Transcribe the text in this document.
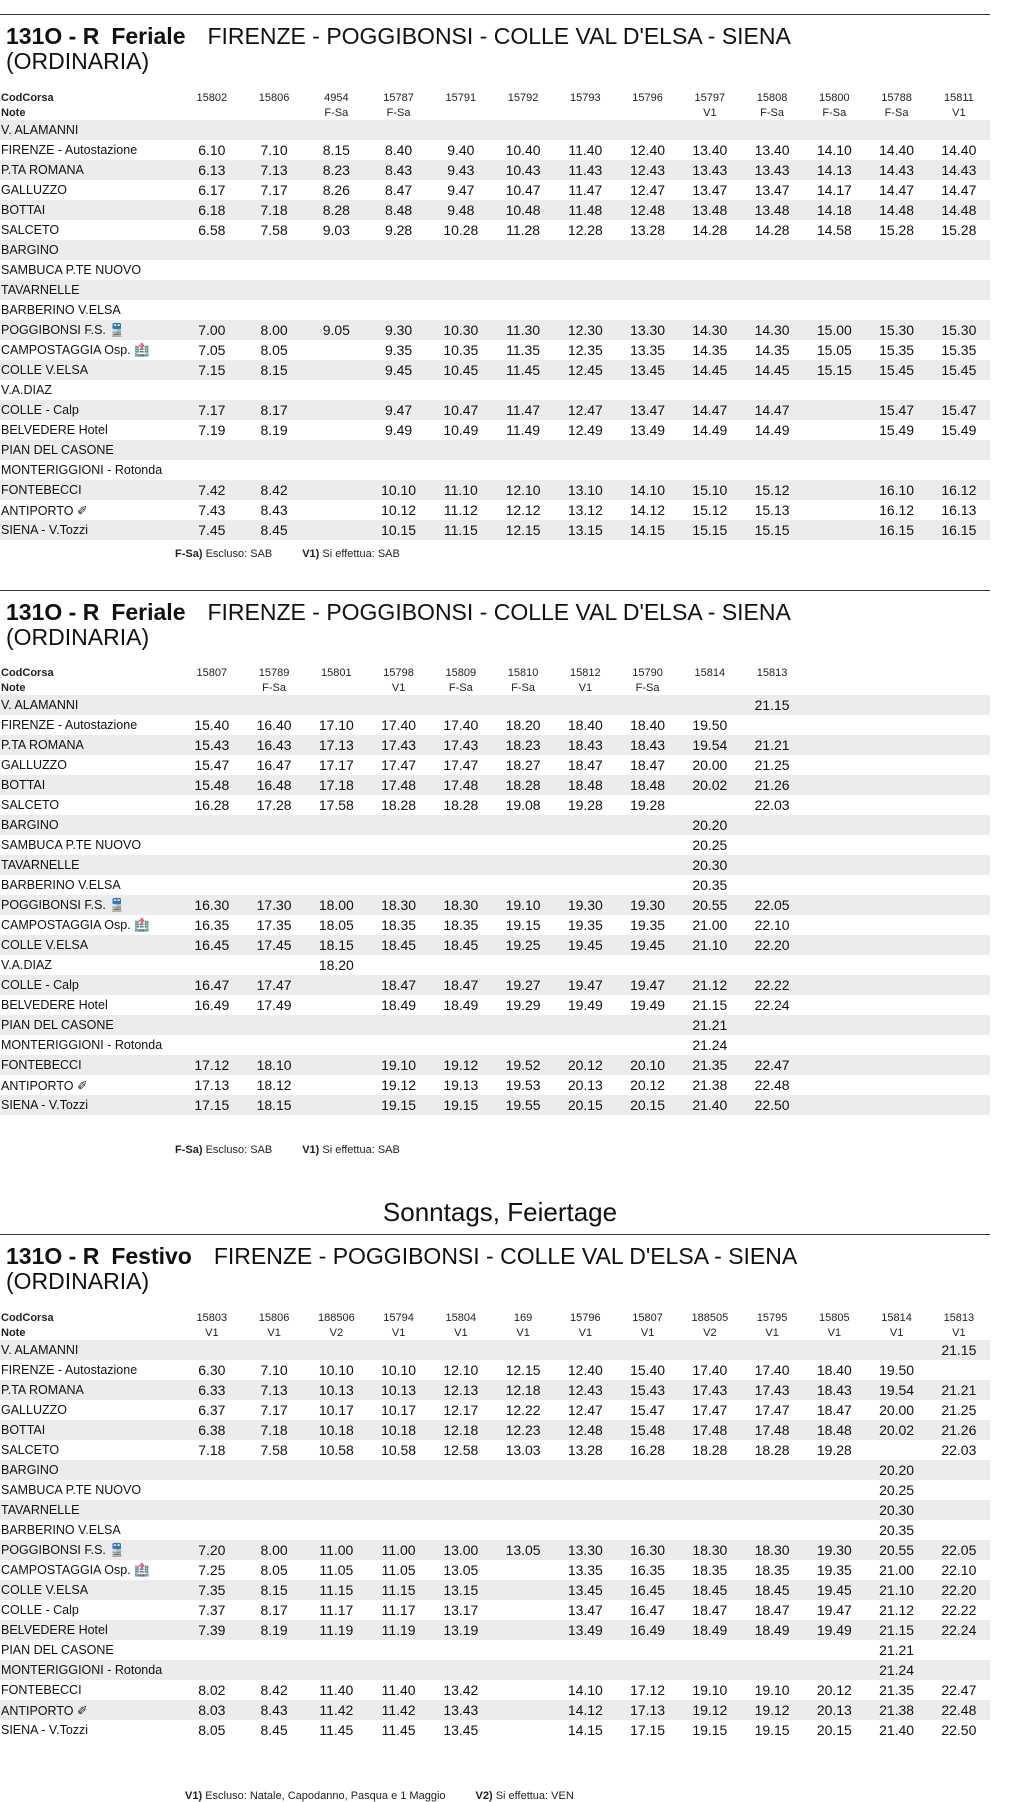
131O - R Feriale FIRENZE - POGGIBONSI - COLLE VAL D'ELSA - SIENA
(ORDINARIA)
CodCorsa	15802	15806	4954	15787	15791	15792	15793	15796	15797	15808	15800	15788	15811
Note			F-Sa	F-Sa					V1	F-Sa	F-Sa	F-Sa	V1
V. ALAMANNI													
FIRENZE - Autostazione	6.10	7.10	8.15	8.40	9.40	10.40	11.40	12.40	13.40	13.40	14.10	14.40	14.40
P.TA ROMANA	6.13	7.13	8.23	8.43	9.43	10.43	11.43	12.43	13.43	13.43	14.13	14.43	14.43
GALLUZZO	6.17	7.17	8.26	8.47	9.47	10.47	11.47	12.47	13.47	13.47	14.17	14.47	14.47
BOTTAI	6.18	7.18	8.28	8.48	9.48	10.48	11.48	12.48	13.48	13.48	14.18	14.48	14.48
SALCETO	6.58	7.58	9.03	9.28	10.28	11.28	12.28	13.28	14.28	14.28	14.58	15.28	15.28
BARGINO													
SAMBUCA P.TE NUOVO													
TAVARNELLE													
BARBERINO V.ELSA													
POGGIBONSI F.S. 🚆	7.00	8.00	9.05	9.30	10.30	11.30	12.30	13.30	14.30	14.30	15.00	15.30	15.30
CAMPOSTAGGIA Osp. 🏥	7.05	8.05		9.35	10.35	11.35	12.35	13.35	14.35	14.35	15.05	15.35	15.35
COLLE V.ELSA	7.15	8.15		9.45	10.45	11.45	12.45	13.45	14.45	14.45	15.15	15.45	15.45
V.A.DIAZ													
COLLE - Calp	7.17	8.17		9.47	10.47	11.47	12.47	13.47	14.47	14.47		15.47	15.47
BELVEDERE Hotel	7.19	8.19		9.49	10.49	11.49	12.49	13.49	14.49	14.49		15.49	15.49
PIAN DEL CASONE													
MONTERIGGIONI - Rotonda													
FONTEBECCI	7.42	8.42		10.10	11.10	12.10	13.10	14.10	15.10	15.12		16.10	16.12
ANTIPORTO ✐	7.43	8.43		10.12	11.12	12.12	13.12	14.12	15.12	15.13		16.12	16.13
SIENA - V.Tozzi	7.45	8.45		10.15	11.15	12.15	13.15	14.15	15.15	15.15		16.15	16.15
F-Sa) Escluso: SAB	V1) Si effettua: SAB
131O - R Feriale FIRENZE - POGGIBONSI - COLLE VAL D'ELSA - SIENA
(ORDINARIA)
CodCorsa	15807	15789	15801	15798	15809	15810	15812	15790	15814	15813			
Note		F-Sa		V1	F-Sa	F-Sa	V1	F-Sa					
V. ALAMANNI										21.15			
FIRENZE - Autostazione	15.40	16.40	17.10	17.40	17.40	18.20	18.40	18.40	19.50				
P.TA ROMANA	15.43	16.43	17.13	17.43	17.43	18.23	18.43	18.43	19.54	21.21			
GALLUZZO	15.47	16.47	17.17	17.47	17.47	18.27	18.47	18.47	20.00	21.25			
BOTTAI	15.48	16.48	17.18	17.48	17.48	18.28	18.48	18.48	20.02	21.26			
SALCETO	16.28	17.28	17.58	18.28	18.28	19.08	19.28	19.28		22.03			
BARGINO									20.20				
SAMBUCA P.TE NUOVO									20.25				
TAVARNELLE									20.30				
BARBERINO V.ELSA									20.35				
POGGIBONSI F.S. 🚆	16.30	17.30	18.00	18.30	18.30	19.10	19.30	19.30	20.55	22.05			
CAMPOSTAGGIA Osp. 🏥	16.35	17.35	18.05	18.35	18.35	19.15	19.35	19.35	21.00	22.10			
COLLE V.ELSA	16.45	17.45	18.15	18.45	18.45	19.25	19.45	19.45	21.10	22.20			
V.A.DIAZ			18.20										
COLLE - Calp	16.47	17.47		18.47	18.47	19.27	19.47	19.47	21.12	22.22			
BELVEDERE Hotel	16.49	17.49		18.49	18.49	19.29	19.49	19.49	21.15	22.24			
PIAN DEL CASONE									21.21				
MONTERIGGIONI - Rotonda									21.24				
FONTEBECCI	17.12	18.10		19.10	19.12	19.52	20.12	20.10	21.35	22.47			
ANTIPORTO ✐	17.13	18.12		19.12	19.13	19.53	20.13	20.12	21.38	22.48			
SIENA - V.Tozzi	17.15	18.15		19.15	19.15	19.55	20.15	20.15	21.40	22.50			
F-Sa) Escluso: SAB	V1) Si effettua: SAB
131O - R Festivo FIRENZE - POGGIBONSI - COLLE VAL D'ELSA - SIENA
(ORDINARIA)
CodCorsa	15803	15806	188506	15794	15804	169	15796	15807	188505	15795	15805	15814	15813
Note	V1	V1	V2	V1	V1	V1	V1	V1	V2	V1	V1	V1	V1
V. ALAMANNI													21.15
FIRENZE - Autostazione	6.30	7.10	10.10	10.10	12.10	12.15	12.40	15.40	17.40	17.40	18.40	19.50	
P.TA ROMANA	6.33	7.13	10.13	10.13	12.13	12.18	12.43	15.43	17.43	17.43	18.43	19.54	21.21
GALLUZZO	6.37	7.17	10.17	10.17	12.17	12.22	12.47	15.47	17.47	17.47	18.47	20.00	21.25
BOTTAI	6.38	7.18	10.18	10.18	12.18	12.23	12.48	15.48	17.48	17.48	18.48	20.02	21.26
SALCETO	7.18	7.58	10.58	10.58	12.58	13.03	13.28	16.28	18.28	18.28	19.28		22.03
BARGINO												20.20	
SAMBUCA P.TE NUOVO												20.25	
TAVARNELLE												20.30	
BARBERINO V.ELSA												20.35	
POGGIBONSI F.S. 🚆	7.20	8.00	11.00	11.00	13.00	13.05	13.30	16.30	18.30	18.30	19.30	20.55	22.05
CAMPOSTAGGIA Osp. 🏥	7.25	8.05	11.05	11.05	13.05		13.35	16.35	18.35	18.35	19.35	21.00	22.10
COLLE V.ELSA	7.35	8.15	11.15	11.15	13.15		13.45	16.45	18.45	18.45	19.45	21.10	22.20
COLLE - Calp	7.37	8.17	11.17	11.17	13.17		13.47	16.47	18.47	18.47	19.47	21.12	22.22
BELVEDERE Hotel	7.39	8.19	11.19	11.19	13.19		13.49	16.49	18.49	18.49	19.49	21.15	22.24
PIAN DEL CASONE												21.21	
MONTERIGGIONI - Rotonda												21.24	
FONTEBECCI	8.02	8.42	11.40	11.40	13.42		14.10	17.12	19.10	19.10	20.12	21.35	22.47
ANTIPORTO ✐	8.03	8.43	11.42	11.42	13.43		14.12	17.13	19.12	19.12	20.13	21.38	22.48
SIENA - V.Tozzi	8.05	8.45	11.45	11.45	13.45		14.15	17.15	19.15	19.15	20.15	21.40	22.50
V1) Escluso: Natale, Capodanno, Pasqua e 1 Maggio	V2) Si effettua: VEN
Sonntags, Feiertage
